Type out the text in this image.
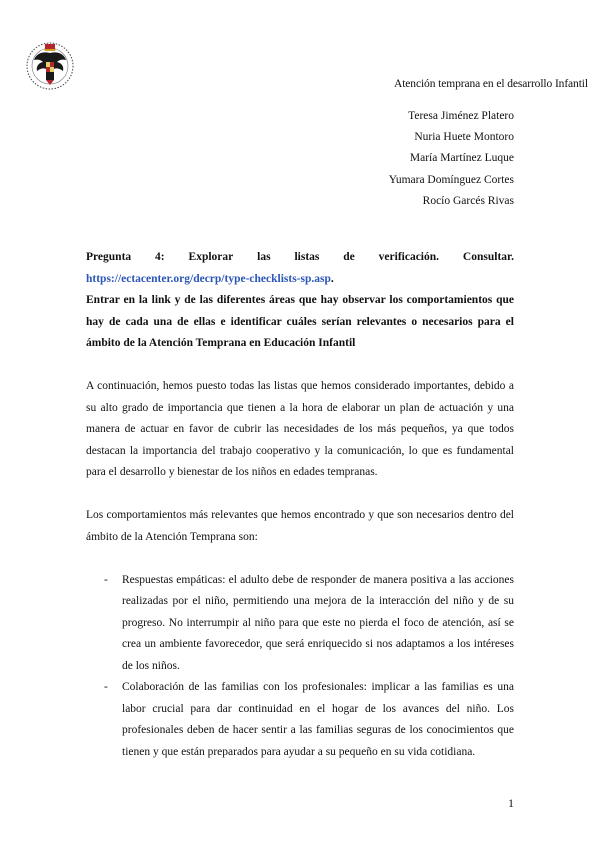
Atención temprana en el desarrollo Infantil
Teresa Jiménez Platero
Nuria Huete Montoro
María Martínez Luque
Yumara Domínguez Cortes
Rocío Garcés Rivas
Pregunta 4: Explorar las listas de verificación. Consultar.

https://ectacenter.org/decrp/type-checklists-sp.asp.

Entrar en la link y de las diferentes áreas que hay observar los comportamientos que hay de cada una de ellas e identificar cuáles serían relevantes o necesarios para el ámbito de la Atención Temprana en Educación Infantil

A continuación, hemos puesto todas las listas que hemos considerado importantes, debido a su alto grado de importancia que tienen a la hora de elaborar un plan de actuación y una manera de actuar en favor de cubrir las necesidades de los más pequeños, ya que todos destacan la importancia del trabajo cooperativo y la comunicación, lo que es fundamental para el desarrollo y bienestar de los niños en edades tempranas.

Los comportamientos más relevantes que hemos encontrado y que son necesarios dentro del ámbito de la Atención Temprana son:

- Respuestas empáticas: el adulto debe de responder de manera positiva a las acciones realizadas por el niño, permitiendo una mejora de la interacción del niño y de su progreso. No interrumpir al niño para que este no pierda el foco de atención, así se crea un ambiente favorecedor, que será enriquecido si nos adaptamos a los intéreses de los niños.
- Colaboración de las familias con los profesionales: implicar a las familias es una labor crucial para dar continuidad en el hogar de los avances del niño. Los profesionales deben de hacer sentir a las familias seguras de los conocimientos que tienen y que están preparados para ayudar a su pequeño en su vida cotidiana.
1
